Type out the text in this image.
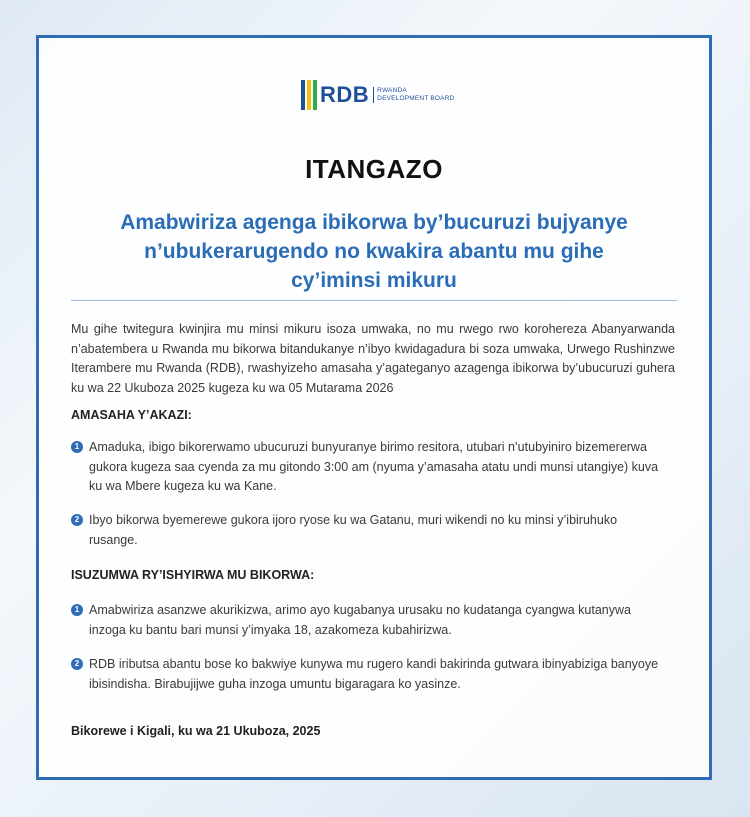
RDB RWANDA
DEVELOPMENT BOARD
ITANGAZO
Amabwiriza agenga ibikorwa by’bucuruzi bujyanye
n’ubukerarugendo no kwakira abantu mu gihe
cy’iminsi mikuru
Mu gihe twitegura kwinjira mu minsi mikuru isoza umwaka, no mu rwego rwo korohereza Abanyarwanda n’abatembera u Rwanda mu bikorwa bitandukanye n’ibyo kwidagadura bi soza umwaka, Urwego Rushinzwe Iterambere mu Rwanda (RDB), rwashyizeho amasaha y’agateganyo azagenga ibikorwa by’ubucuruzi guhera ku wa 22 Ukuboza 2025 kugeza ku wa 05 Mutarama 2026
AMASAHA Y’AKAZI:
1 Amaduka, ibigo bikorerwamo ubucuruzi bunyuranye birimo resitora, utubari n’utubyiniro bizemererwa gukora kugeza saa cyenda za mu gitondo 3:00 am (nyuma y’amasaha atatu undi munsi utangiye) kuva ku wa Mbere kugeza ku wa Kane.
2 Ibyo bikorwa byemerewe gukora ijoro ryose ku wa Gatanu, muri wikendi no ku minsi y’ibiruhuko rusange.
ISUZUMWA RY’ISHYIRWA MU BIKORWA:
1 Amabwiriza asanzwe akurikizwa, arimo ayo kugabanya urusaku no kudatanga cyangwa kutanywa inzoga ku bantu bari munsi y’imyaka 18, azakomeza kubahirizwa.
2 RDB iributsa abantu bose ko bakwiye kunywa mu rugero kandi bakirinda gutwara ibinyabiziga banyoye ibisindisha. Birabujijwe guha inzoga umuntu bigaragara ko yasinze.
Bikorewe i Kigali, ku wa 21 Ukuboza, 2025
